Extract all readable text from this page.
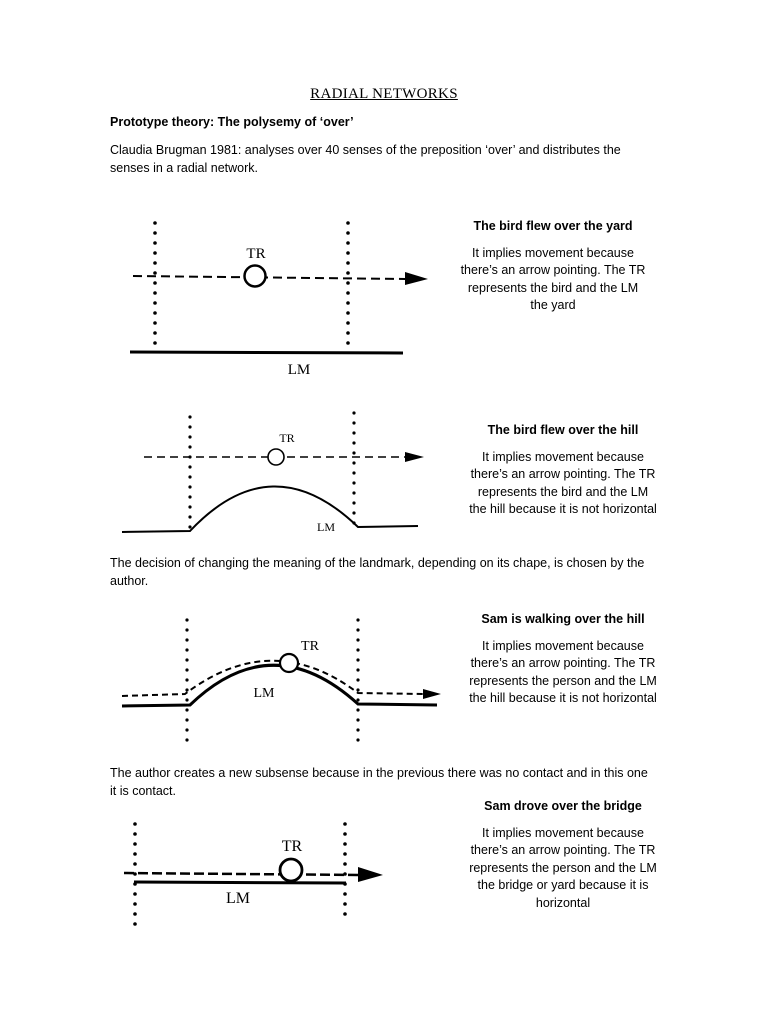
RADIAL NETWORKS
Prototype theory: The polysemy of ‘over’
Claudia Brugman 1981: analyses over 40 senses of the preposition ‘over’ and distributes the senses in a radial network.
TR
LM
The bird flew over the yard
It implies movement because there’s an arrow pointing. The TR represents the bird and the LM the yard
TR
LM
The bird flew over the hill
It implies movement because there’s an arrow pointing. The TR represents the bird and the LM the hill because it is not horizontal
The decision of changing the meaning of the landmark, depending on its chape, is chosen by the author.
TR
LM
Sam is walking over the hill
It implies movement because there’s an arrow pointing. The TR represents the person and the LM the hill because it is not horizontal
The author creates a new subsense because in the previous there was no contact and in this one it is contact.
TR
LM
Sam drove over the bridge
It implies movement because there’s an arrow pointing. The TR represents the person and the LM the bridge or yard because it is horizontal
